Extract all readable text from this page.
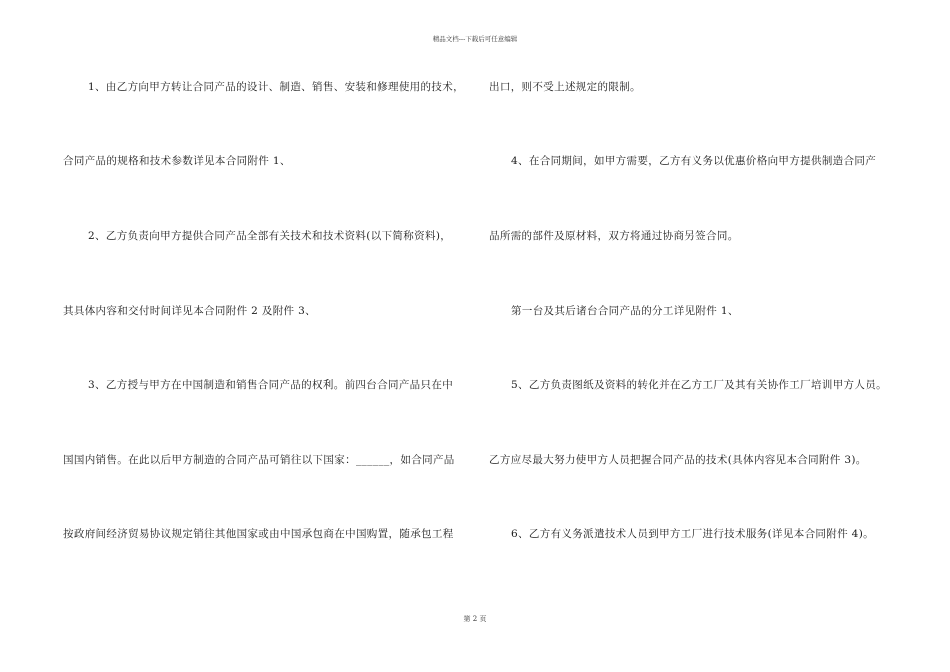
精品文档---下载后可任意编辑
1、由乙方向甲方转让合同产品的设计、制造、销售、安装和修理使用的技术，
合同产品的规格和技术参数详见本合同附件 1、
2、乙方负责向甲方提供合同产品全部有关技术和技术资料(以下简称资料)，
其具体内容和交付时间详见本合同附件 2 及附件 3、
3、乙方授与甲方在中国制造和销售合同产品的权利。前四台合同产品只在中
国国内销售。在此以后甲方制造的合同产品可销往以下国家：______，如合同产品
按政府间经济贸易协议规定销往其他国家或由中国承包商在中国购置，随承包工程
出口，则不受上述规定的限制。
4、在合同期间，如甲方需要，乙方有义务以优惠价格向甲方提供制造合同产
品所需的部件及原材料，双方将通过协商另签合同。
第一台及其后诸台合同产品的分工详见附件 1、
5、乙方负责图纸及资料的转化并在乙方工厂及其有关协作工厂培训甲方人员。
乙方应尽最大努力使甲方人员把握合同产品的技术(具体内容见本合同附件 3)。
6、乙方有义务派遣技术人员到甲方工厂进行技术服务(详见本合同附件 4)。
第 2 页
